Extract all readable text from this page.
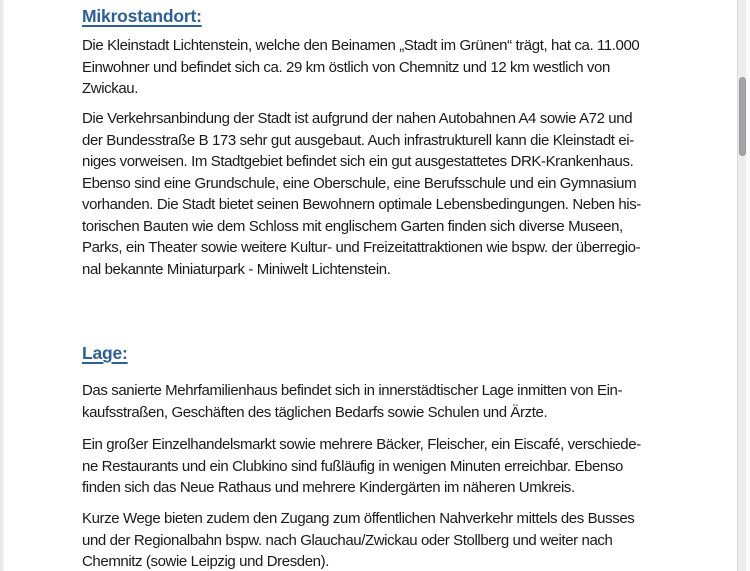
Mikrostandort:
Die Kleinstadt Lichtenstein, welche den Beinamen „Stadt im Grünen“ trägt, hat ca. 11.000
Einwohner und befindet sich ca. 29 km östlich von Chemnitz und 12 km westlich von
Zwickau.
Die Verkehrsanbindung der Stadt ist aufgrund der nahen Autobahnen A4 sowie A72 und
der Bundesstraße B 173 sehr gut ausgebaut. Auch infrastrukturell kann die Kleinstadt ei-
niges vorweisen. Im Stadtgebiet befindet sich ein gut ausgestattetes DRK-Krankenhaus.
Ebenso sind eine Grundschule, eine Oberschule, eine Berufsschule und ein Gymnasium
vorhanden. Die Stadt bietet seinen Bewohnern optimale Lebensbedingungen. Neben his-
torischen Bauten wie dem Schloss mit englischem Garten finden sich diverse Museen,
Parks, ein Theater sowie weitere Kultur- und Freizeitattraktionen wie bspw. der überregio-
nal bekannte Miniaturpark - Miniwelt Lichtenstein.
Lage:
Das sanierte Mehrfamilienhaus befindet sich in innerstädtischer Lage inmitten von Ein-
kaufsstraßen, Geschäften des täglichen Bedarfs sowie Schulen und Ärzte.
Ein großer Einzelhandelsmarkt sowie mehrere Bäcker, Fleischer, ein Eiscafé, verschiede-
ne Restaurants und ein Clubkino sind fußläufig in wenigen Minuten erreichbar. Ebenso
finden sich das Neue Rathaus und mehrere Kindergärten im näheren Umkreis.
Kurze Wege bieten zudem den Zugang zum öffentlichen Nahverkehr mittels des Busses
und der Regionalbahn bspw. nach Glauchau/Zwickau oder Stollberg und weiter nach
Chemnitz (sowie Leipzig und Dresden).
